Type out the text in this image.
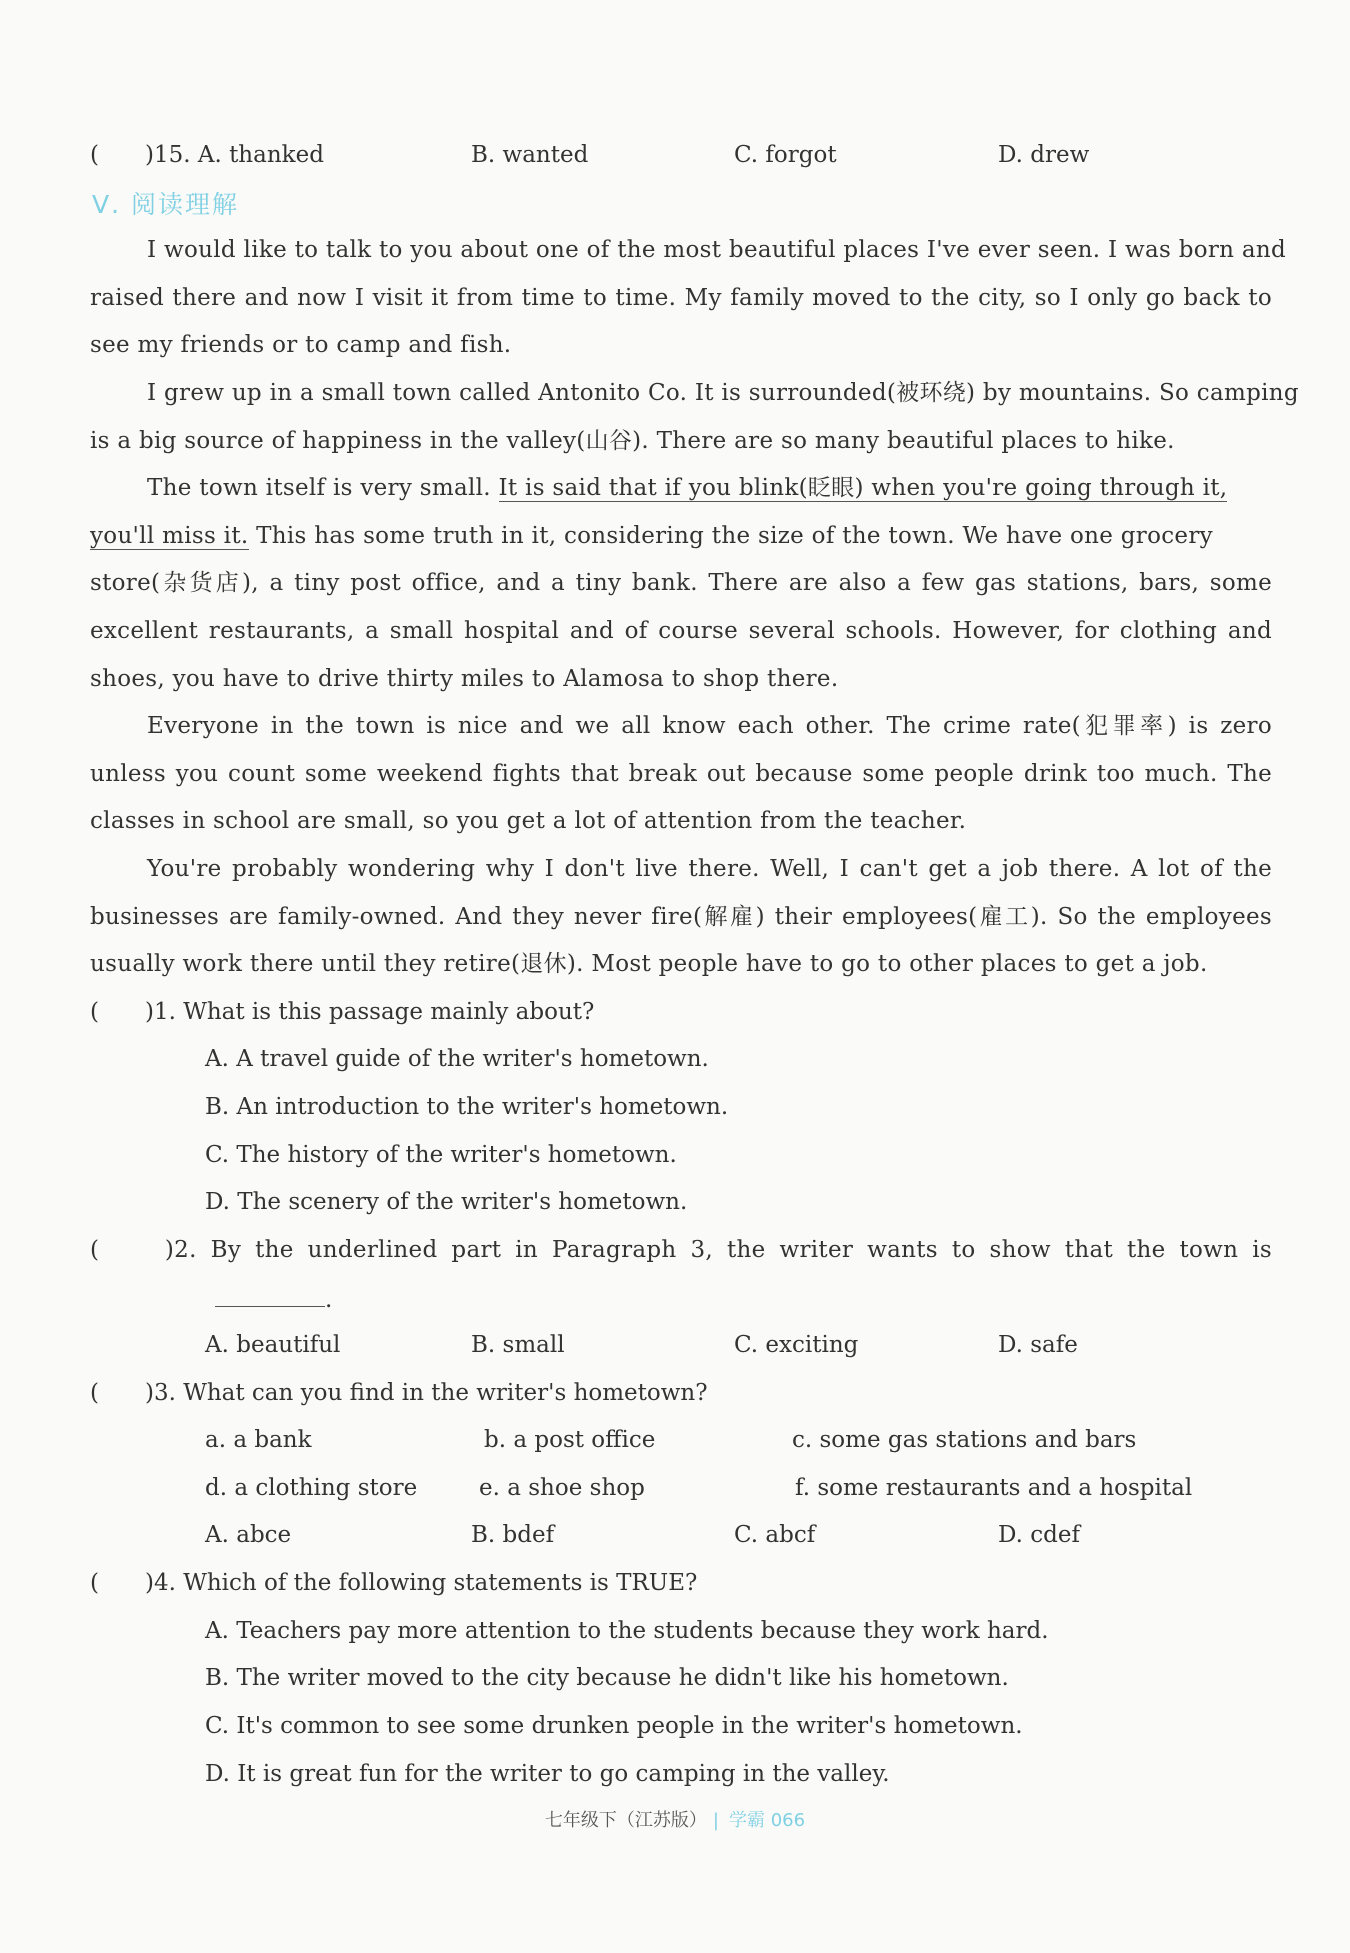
(　　)15. A. thanked	B. wanted	C. forgot	D. drew
Ⅴ. 阅读理解
I would like to talk to you about one of the most beautiful places I've ever seen. I was born and
raised there and now I visit it from time to time. My family moved to the city, so I only go back to
see my friends or to camp and fish.
I grew up in a small town called Antonito Co. It is surrounded(被环绕) by mountains. So camping
is a big source of happiness in the valley(山谷). There are so many beautiful places to hike.
The town itself is very small. It is said that if you blink(眨眼) when you're going through it,
you'll miss it. This has some truth in it, considering the size of the town. We have one grocery
store(杂货店), a tiny post office, and a tiny bank. There are also a few gas stations, bars, some
excellent restaurants, a small hospital and of course several schools. However, for clothing and
shoes, you have to drive thirty miles to Alamosa to shop there.
Everyone in the town is nice and we all know each other. The crime rate(犯罪率) is zero
unless you count some weekend fights that break out because some people drink too much. The
classes in school are small, so you get a lot of attention from the teacher.
You're probably wondering why I don't live there. Well, I can't get a job there. A lot of the
businesses are family-owned. And they never fire(解雇) their employees(雇工). So the employees
usually work there until they retire(退休). Most people have to go to other places to get a job.
(　　)1. What is this passage mainly about?
A. A travel guide of the writer's hometown.
B. An introduction to the writer's hometown.
C. The history of the writer's hometown.
D. The scenery of the writer's hometown.
(　　)2. By the underlined part in Paragraph 3, the writer wants to show that the town is
.
A. beautiful	B. small	C. exciting	D. safe
(　　)3. What can you find in the writer's hometown?
a. a bank	b. a post office	c. some gas stations and bars
d. a clothing store	e. a shoe shop	f. some restaurants and a hospital
A. abce	B. bdef	C. abcf	D. cdef
(　　)4. Which of the following statements is TRUE?
A. Teachers pay more attention to the students because they work hard.
B. The writer moved to the city because he didn't like his hometown.
C. It's common to see some drunken people in the writer's hometown.
D. It is great fun for the writer to go camping in the valley.
七年级下（江苏版） | 学霸 066
